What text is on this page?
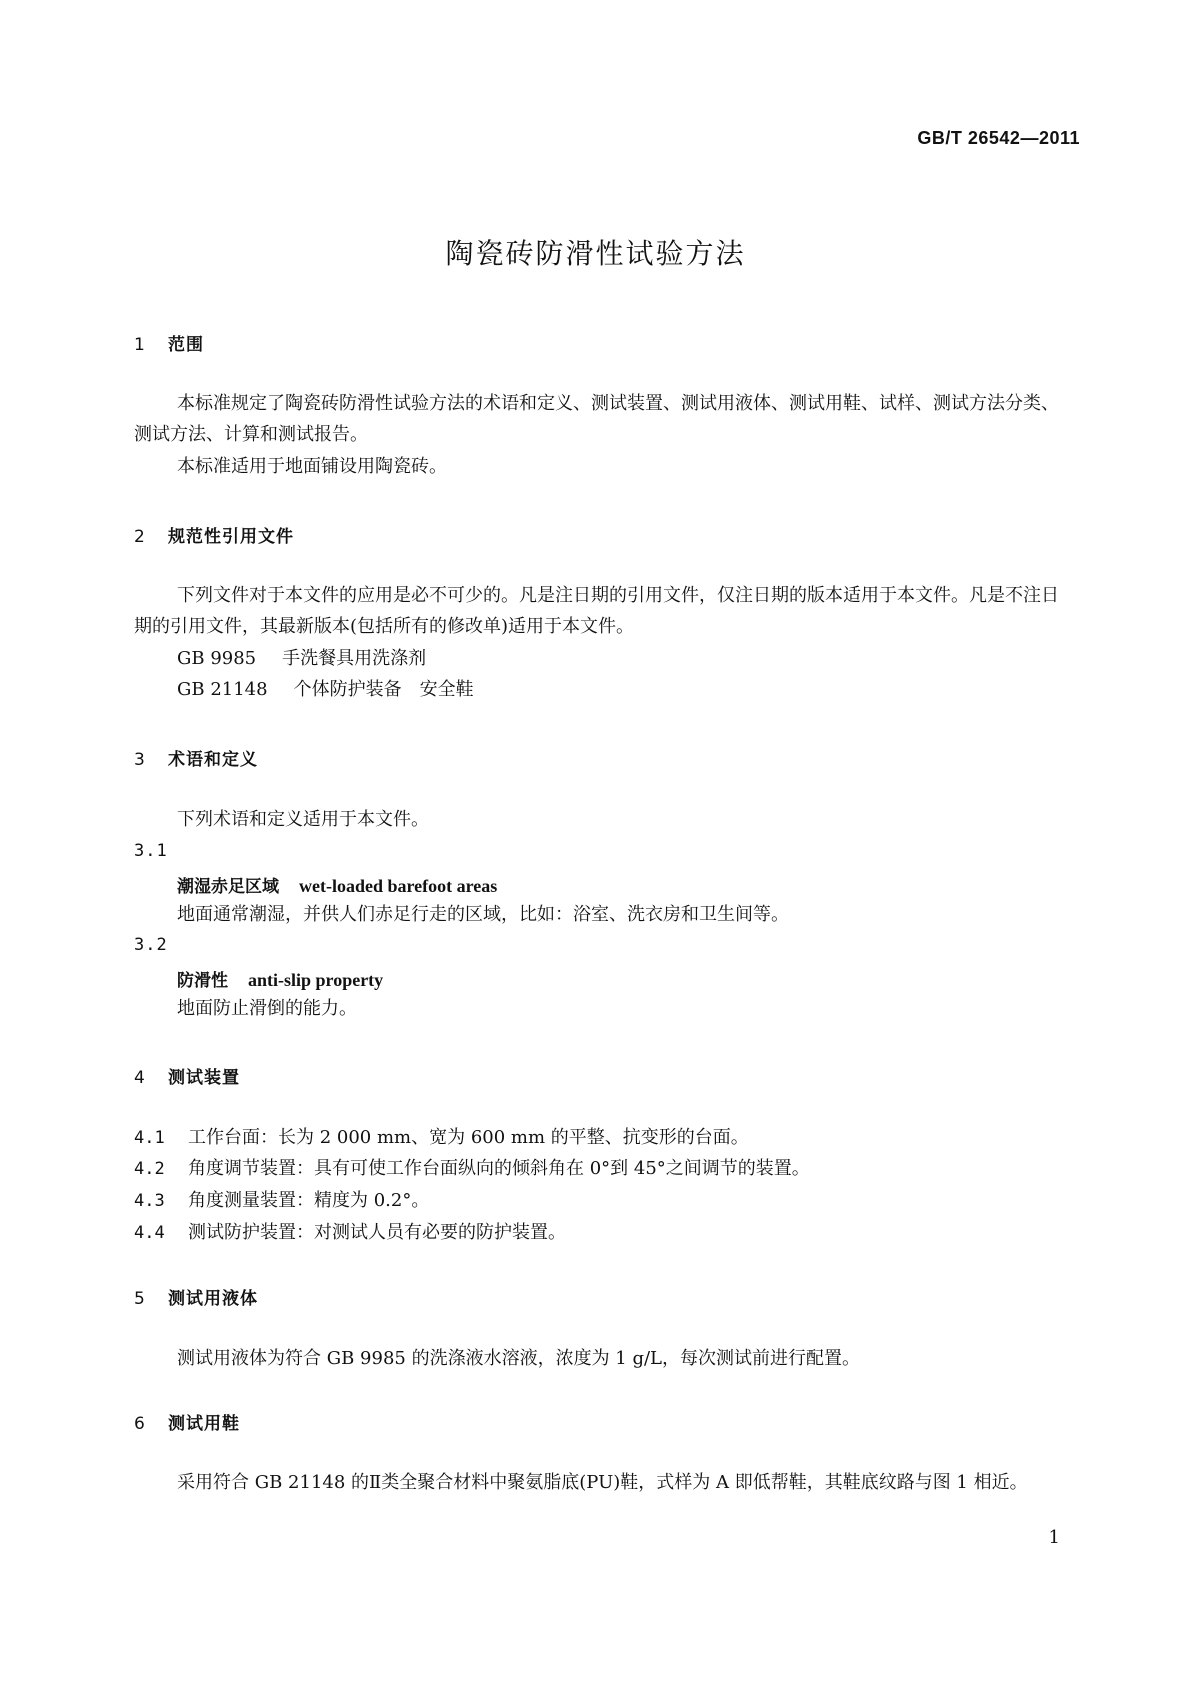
GB/T 26542—2011
陶瓷砖防滑性试验方法
1 范围

本标准规定了陶瓷砖防滑性试验方法的术语和定义、测试装置、测试用液体、测试用鞋、试样、测试方法分类、测试方法、计算和测试报告。

本标准适用于地面铺设用陶瓷砖。

2 规范性引用文件

下列文件对于本文件的应用是必不可少的。凡是注日期的引用文件，仅注日期的版本适用于本文件。凡是不注日期的引用文件，其最新版本(包括所有的修改单)适用于本文件。

GB 9985 手洗餐具用洗涤剂
GB 21148 个体防护装备　安全鞋
3 术语和定义

下列术语和定义适用于本文件。

3.1
潮湿赤足区域 wet-loaded barefoot areas

地面通常潮湿，并供人们赤足行走的区域，比如：浴室、洗衣房和卫生间等。

3.2
防滑性 anti-slip property

地面防止滑倒的能力。

4 测试装置
4.1 工作台面：长为 2 000 mm、宽为 600 mm 的平整、抗变形的台面。
4.2 角度调节装置：具有可使工作台面纵向的倾斜角在 0°到 45°之间调节的装置。
4.3 角度测量装置：精度为 0.2°。
4.4 测试防护装置：对测试人员有必要的防护装置。
5 测试用液体

测试用液体为符合 GB 9985 的洗涤液水溶液，浓度为 1 g/L，每次测试前进行配置。

6 测试用鞋

采用符合 GB 21148 的Ⅱ类全聚合材料中聚氨脂底(PU)鞋，式样为 A 即低帮鞋，其鞋底纹路与图 1 相近。

1
